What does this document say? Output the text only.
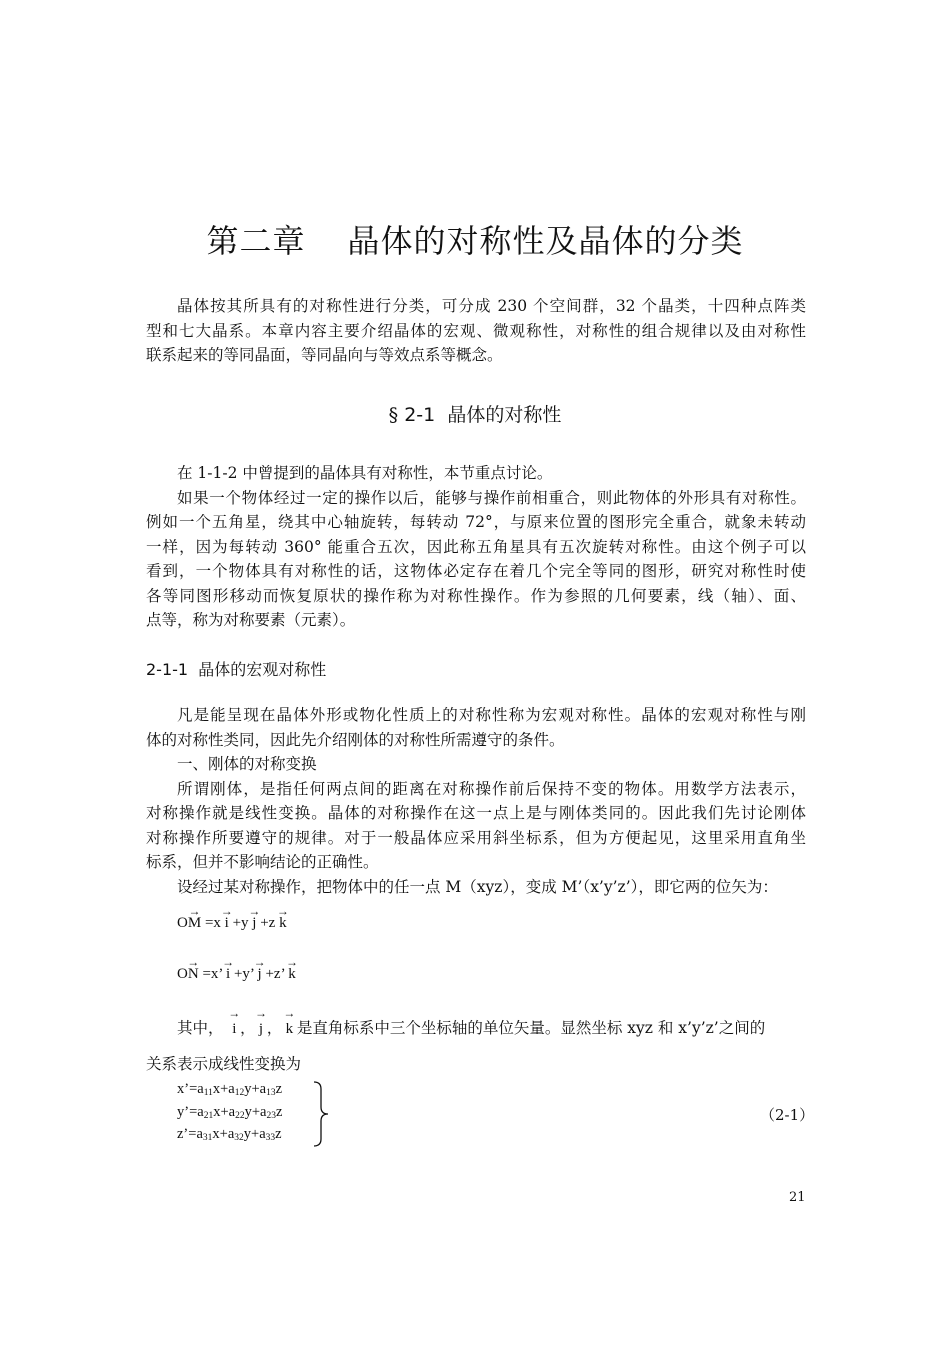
第二章 晶体的对称性及晶体的分类
晶体按其所具有的对称性进行分类，可分成 230 个空间群，32 个晶类，十四种点阵类
型和七大晶系。本章内容主要介绍晶体的宏观、微观称性，对称性的组合规律以及由对称性
联系起来的等同晶面，等同晶向与等效点系等概念。
§ 2-1 晶体的对称性
在 1-1-2 中曾提到的晶体具有对称性，本节重点讨论。
如果一个物体经过一定的操作以后，能够与操作前相重合，则此物体的外形具有对称性。
例如一个五角星，绕其中心轴旋转，每转动 72°，与原来位置的图形完全重合，就象未转动
一样，因为每转动 360° 能重合五次，因此称五角星具有五次旋转对称性。由这个例子可以
看到，一个物体具有对称性的话，这物体必定存在着几个完全等同的图形，研究对称性时使
各等同图形移动而恢复原状的操作称为对称性操作。作为参照的几何要素，线（轴）、面、
点等，称为对称要素（元素）。
2-1-1 晶体的宏观对称性
凡是能呈现在晶体外形或物化性质上的对称性称为宏观对称性。晶体的宏观对称性与刚
体的对称性类同，因此先介绍刚体的对称性所需遵守的条件。
一、刚体的对称变换
所谓刚体，是指任何两点间的距离在对称操作前后保持不变的物体。用数学方法表示，
对称操作就是线性变换。晶体的对称操作在这一点上是与刚体类同的。因此我们先讨论刚体
对称操作所要遵守的规律。对于一般晶体应采用斜坐标系，但为方便起见，这里采用直角坐
标系，但并不影响结论的正确性。
设经过某对称操作，把物体中的任一点 M（xyz），变成 M’（x’y’z’），即它两的位矢为：
O→ M =x → i +y → j +z → k
O→ N =x’ → i +y’ → j +z’ → k
其中，  → i ， → j ， → k 是直角标系中三个坐标轴的单位矢量。显然坐标 xyz 和 x’y’z’之间的
关系表示成线性变换为
$x’=a_{11}x+a_{12}y+a_{13}z$
$y’=a_{21}x+a_{22}y+a_{23}z$
$z’=a_{31}x+a_{32}y+a_{33}z$
（2-1）
21
